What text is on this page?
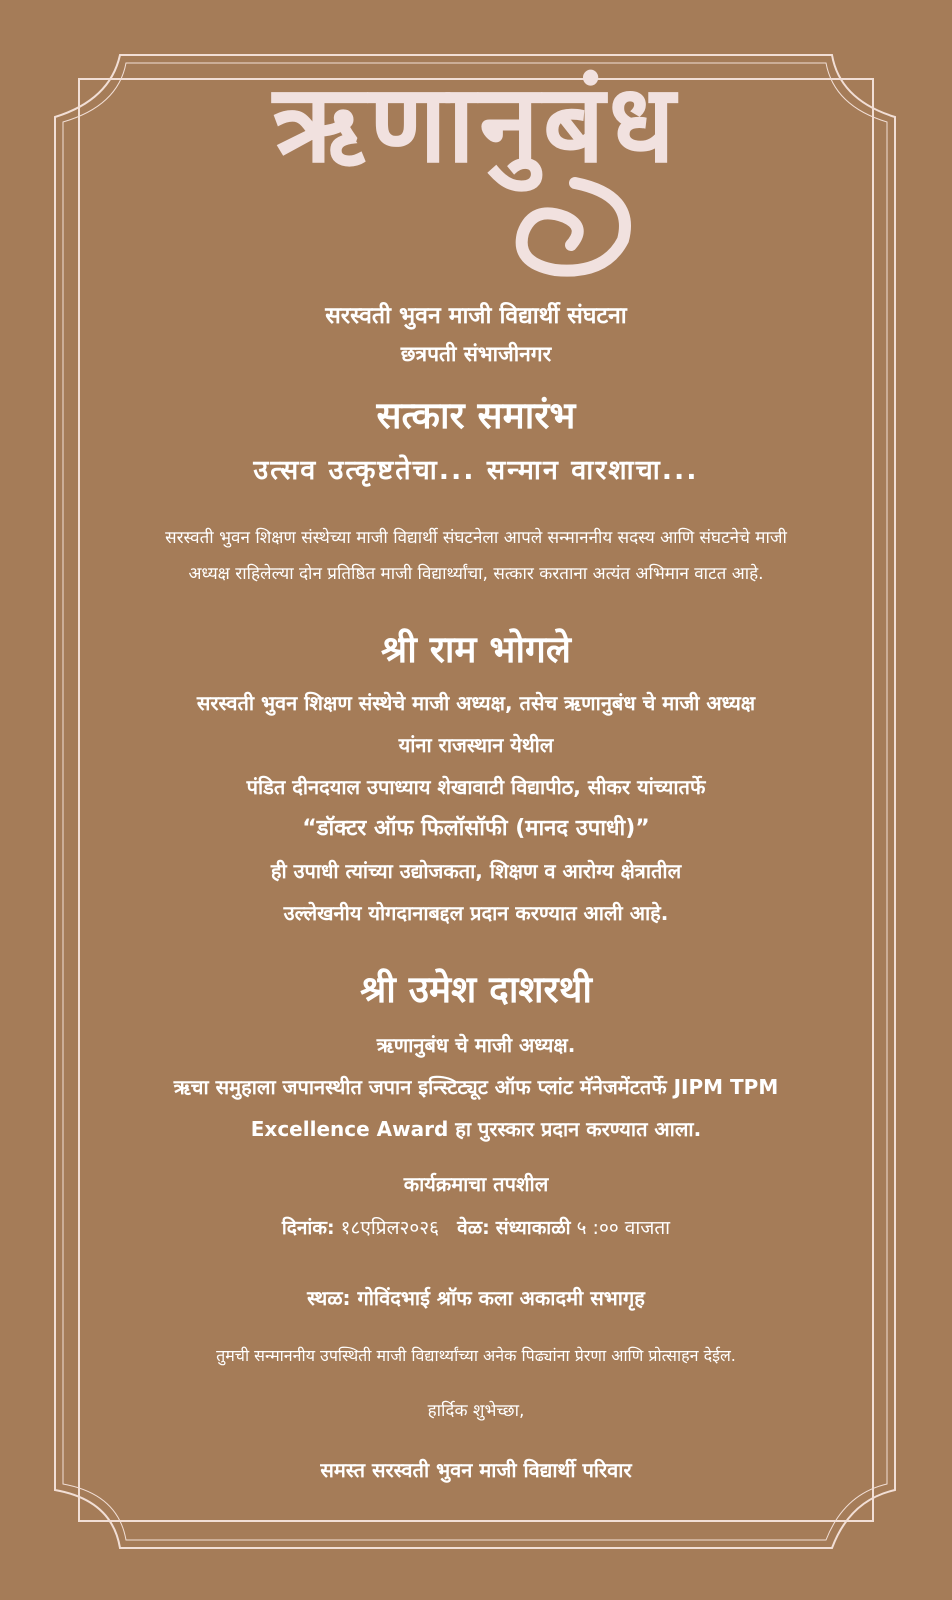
ऋणानुबंध
सरस्वती भुवन माजी विद्यार्थी संघटना
छत्रपती संभाजीनगर
सत्कार समारंभ
उत्सव उत्कृष्टतेचा... सन्मान वारशाचा...
सरस्वती भुवन शिक्षण संस्थेच्या माजी विद्यार्थी संघटनेला आपले सन्माननीय सदस्य आणि संघटनेचे माजी
अध्यक्ष राहिलेल्या दोन प्रतिष्ठित माजी विद्यार्थ्यांचा, सत्कार करताना अत्यंत अभिमान वाटत आहे.
श्री राम भोगले
सरस्वती भुवन शिक्षण संस्थेचे माजी अध्यक्ष, तसेच ऋणानुबंध चे माजी अध्यक्ष
यांना राजस्थान येथील
पंडित दीनदयाल उपाध्याय शेखावाटी विद्यापीठ, सीकर यांच्यातर्फे
“डॉक्टर ऑफ फिलॉसॉफी (मानद उपाधी)”
ही उपाधी त्यांच्या उद्योजकता, शिक्षण व आरोग्य क्षेत्रातील
उल्लेखनीय योगदानाबद्दल प्रदान करण्यात आली आहे.
श्री उमेश दाशरथी
ऋणानुबंध चे माजी अध्यक्ष.
ऋचा समुहाला जपानस्थीत जपान इन्स्टिट्यूट ऑफ प्लांट मॅनेजमेंटतर्फे JIPM TPM
Excellence Award हा पुरस्कार प्रदान करण्यात आला.
कार्यक्रमाचा तपशील
दिनांक: १८एप्रिल२०२६ वेळ: संध्याकाळी ५ :०० वाजता
स्थळ: गोविंदभाई श्रॉफ कला अकादमी सभागृह
तुमची सन्माननीय उपस्थिती माजी विद्यार्थ्यांच्या अनेक पिढ्यांना प्रेरणा आणि प्रोत्साहन देईल.
हार्दिक शुभेच्छा,
समस्त सरस्वती भुवन माजी विद्यार्थी परिवार
